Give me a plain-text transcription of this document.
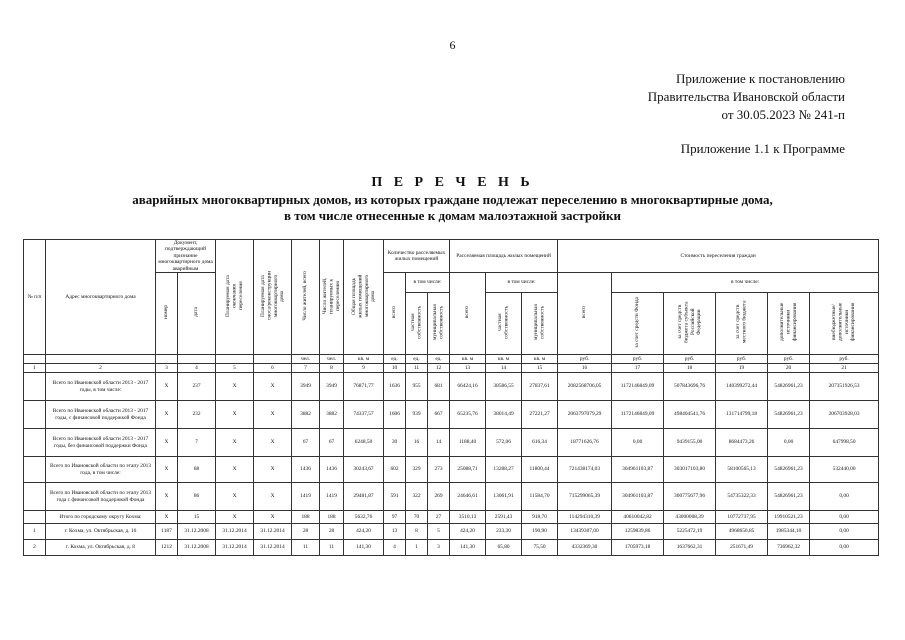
6
Приложение к постановлению
Правительства Ивановской области
от 30.05.2023 № 241-п
Приложение 1.1 к Программе
П Е Р Е Ч Е Н Ь
аварийных многоквартирных домов, из которых граждане подлежат переселению в многоквартирные дома,
в том числе отнесенные к домам малоэтажной застройки
№ п/п	Адрес многоквартирного дома	Документ, подтверждающий признание многоквартирного дома аварийным		Планируемая дата окончания переселения	Планируемая дата сноса/реконструкции многоквартирного дома	Число жителей, всего	Число жителей, планируемых к переселению	Общая площадь жилых помещений многоквартирного дома	Количество расселяемых жилых помещений			Расселяемая площадь жилых помещений			Стоимость переселения граждан					
		номер	дата						всего	в том числе:		всего	в том числе:		всего	в том числе:				
										частная собственность	муниципальная собственность		частная собственность	муниципальная собственность		за счет средств Фонда	за счет средств бюджета субъекта Российской Федерации	за счет средств местного бюджета	дополнительные источники финансирования	внебюджетные/дополнительные источники финансирования
						чел.	чел.	кв. м	ед.	ед.	ед.	кв. м	кв. м	кв. м	руб.	руб.	руб.	руб.	руб.	руб.
1	2	3	4	5	6	7	8	9	10	11	12	13	14	15	16	17	18	19	20	21
	Всего по Ивановской области 2013 - 2017 годы, в том числе:	X	237	X	X	3949	3949	76871,77	1636	955	681	66424,16	38586,55	27837,61	2082568706,05	1172146849,09	507843696,76	140399272,44	54826961,23	207351926,53
	Всего по Ивановской области 2013 - 2017 годы, с финансовой поддержкой Фонда	X	232	X	X	3882	3882	74337,57	1606	939	667	65235,76	38014,49	27221,27	2063797079,29	1172146849,09	498404541,76	131714799,18	54826961,23	206703928,03
	Всего по Ивановской области 2013 - 2017 годы, без финансовой поддержки Фонда	X	7	X	X	67	67	6248,50	30	16	14	1188,40	572,06	616,34	18771626,76	0,00	9439155,00	8684473,26	0,00	647998,50
	Всего по Ивановской области по этапу 2013 года, в том числе:	X	88	X	X	1436	1436	30243,67	602	329	273	25088,71	13288,27	11800,44	721438174,03	304961103,87	303017103,80	58100565,13	54826961,23	532440,00
	Всего по Ивановской области по этапу 2013 года с финансовой поддержкой Фонда	X	86	X	X	1419	1419	29481,87	591	322	269	24646,61	13061,91	11584,70	715299065,39	304961103,87	300775677,96	54735322,33	54826961,23	0,00
	Итого по городскому округу Кохма:	X	15	X	X	188	188	5632,76	97	70	27	3510,13	2591,43	918,70	114294310,39	40610042,82	43000008,39	10772737,95	19910521,23	0,00
1	г. Кохма, ул. Октябрьская, д. 16	1187	31.12.2008	31.12.2014	31.12.2014	28	28	424,20	13	8	5	424,20	233,30	190,90	13439307,00	1259839,86	5225472,19	4968650,85	1985344,10	0,00
2	г. Кохма, ул. Октябрьская, д. 8	1212	31.12.2008	31.12.2014	31.12.2014	11	11	141,30	4	1	3	141,30	65,80	75,50	4332369,30	1705973,18	1637662,31	251671,49	736962,32	0,00
